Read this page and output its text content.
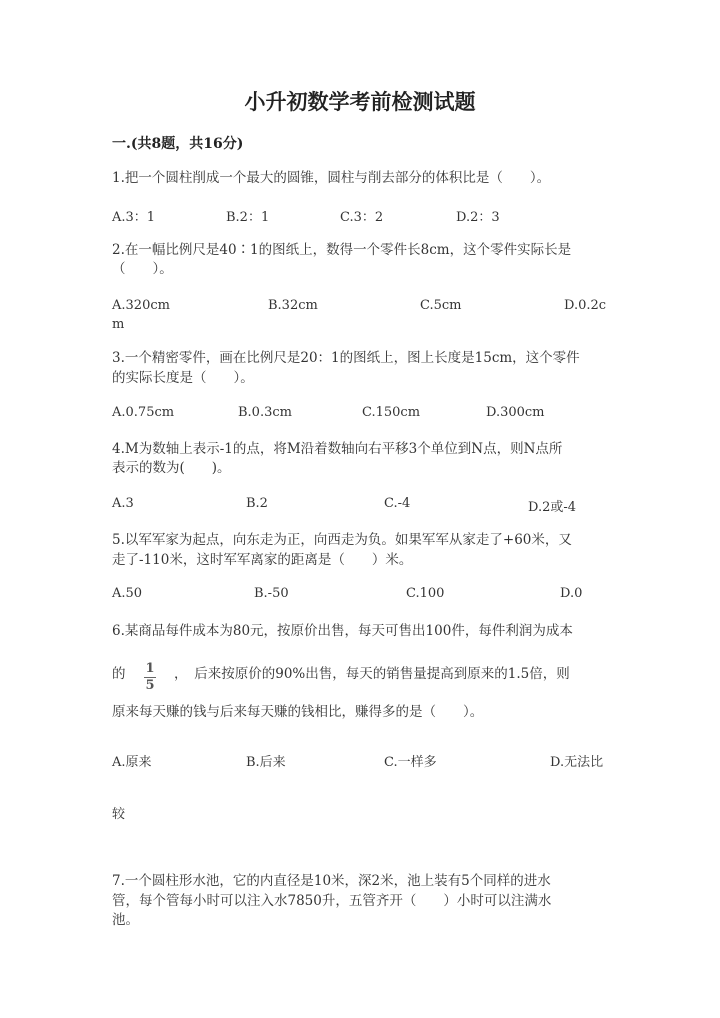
小升初数学考前检测试题
一.(共8题，共16分)
1.把一个圆柱削成一个最大的圆锥，圆柱与削去部分的体积比是（　　）。
A.3：1	B.2：1	C.3：2	D.2：3
2.在一幅比例尺是40∶1的图纸上，数得一个零件长8cm，这个零件实际长是
（　　）。
A.320cm	B.32cm	C.5cm	D.0.2c
m
3.一个精密零件，画在比例尺是20：1的图纸上，图上长度是15cm，这个零件
的实际长度是（　　）。
A.0.75cm	B.0.3cm	C.150cm	D.300cm
4.M为数轴上表示-1的点，将M沿着数轴向右平移3个单位到N点，则N点所
表示的数为(　　)。
A.3	B.2	C.-4	D.2或-4
5.以军军家为起点，向东走为正，向西走为负。如果军军从家走了+60米，又
走了-110米，这时军军离家的距离是（　　）米。
A.50	B.-50	C.100	D.0
6.某商品每件成本为80元，按原价出售，每天可售出100件，每件利润为成本
的 1
5
，　后来按原价的90%出售，每天的销售量提高到原来的1.5倍，则
原来每天赚的钱与后来每天赚的钱相比，赚得多的是（　　）。
A.原来	B.后来	C.一样多	D.无法比
较
7.一个圆柱形水池，它的内直径是10米，深2米，池上装有5个同样的进水
管，每个管每小时可以注入水7850升，五管齐开（　　）小时可以注满水
池。
